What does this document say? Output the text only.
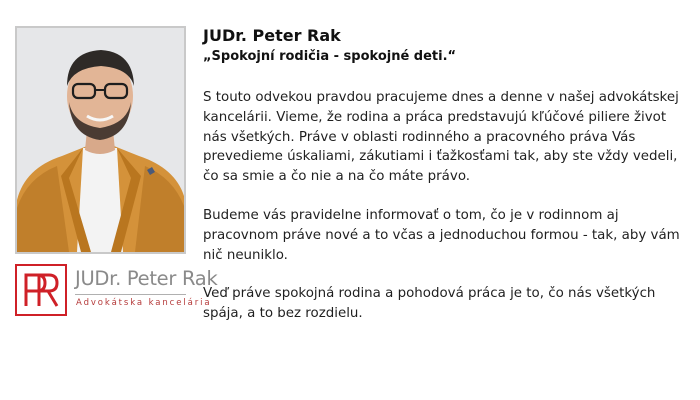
JUDr. Peter Rak
Advokátska kancelária
JUDr. Peter Rak

„Spokojní rodičia - spokojné deti.“

S touto odvekou pravdou pracujeme dnes a denne v našej advokátskej kancelárii. Vieme, že rodina a práca predstavujú kľúčové piliere život nás všetkých. Práve v oblasti rodinného a pracovného práva Vás prevedieme úskaliami, zákutiami i ťažkosťami tak, aby ste vždy vedeli, čo sa smie a čo nie a na čo máte právo.

Budeme vás pravidelne informovať o tom, čo je v rodinnom aj pracovnom práve nové a to včas a jednoduchou formou - tak, aby vám nič neuniklo.

Veď práve spokojná rodina a pohodová práca je to, čo nás všetkých spája, a to bez rozdielu.
